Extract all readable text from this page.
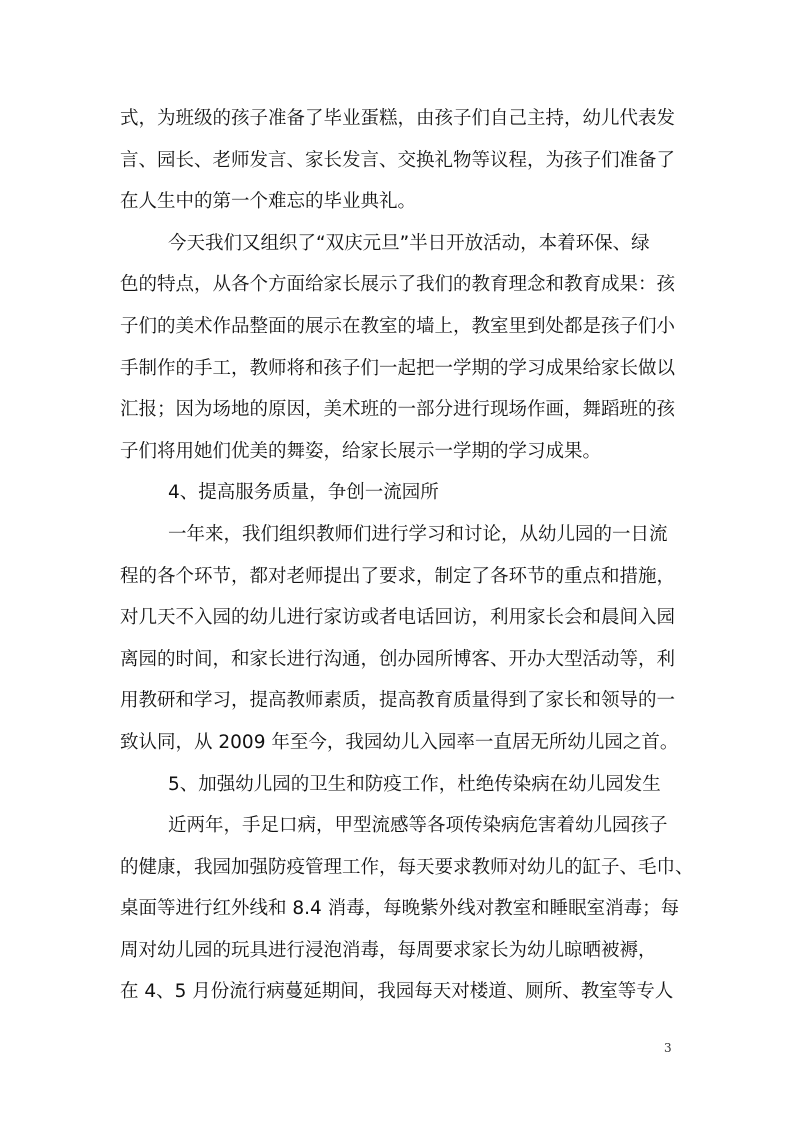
式，为班级的孩子准备了毕业蛋糕，由孩子们自己主持，幼儿代表发
言、园长、老师发言、家长发言、交换礼物等议程，为孩子们准备了
在人生中的第一个难忘的毕业典礼。
今天我们又组织了“双庆元旦”半日开放活动，本着环保、绿
色的特点，从各个方面给家长展示了我们的教育理念和教育成果：孩
子们的美术作品整面的展示在教室的墙上，教室里到处都是孩子们小
手制作的手工，教师将和孩子们一起把一学期的学习成果给家长做以
汇报；因为场地的原因，美术班的一部分进行现场作画，舞蹈班的孩
子们将用她们优美的舞姿，给家长展示一学期的学习成果。
4、提高服务质量，争创一流园所
一年来，我们组织教师们进行学习和讨论，从幼儿园的一日流
程的各个环节，都对老师提出了要求，制定了各环节的重点和措施，
对几天不入园的幼儿进行家访或者电话回访，利用家长会和晨间入园
离园的时间，和家长进行沟通，创办园所博客、开办大型活动等，利
用教研和学习，提高教师素质，提高教育质量得到了家长和领导的一
致认同，从 2009 年至今，我园幼儿入园率一直居无所幼儿园之首。
5、加强幼儿园的卫生和防疫工作，杜绝传染病在幼儿园发生
近两年，手足口病，甲型流感等各项传染病危害着幼儿园孩子
的健康，我园加强防疫管理工作，每天要求教师对幼儿的缸子、毛巾、
桌面等进行红外线和 8.4 消毒，每晚紫外线对教室和睡眠室消毒；每
周对幼儿园的玩具进行浸泡消毒，每周要求家长为幼儿晾晒被褥，
在 4、5 月份流行病蔓延期间，我园每天对楼道、厕所、教室等专人
3
